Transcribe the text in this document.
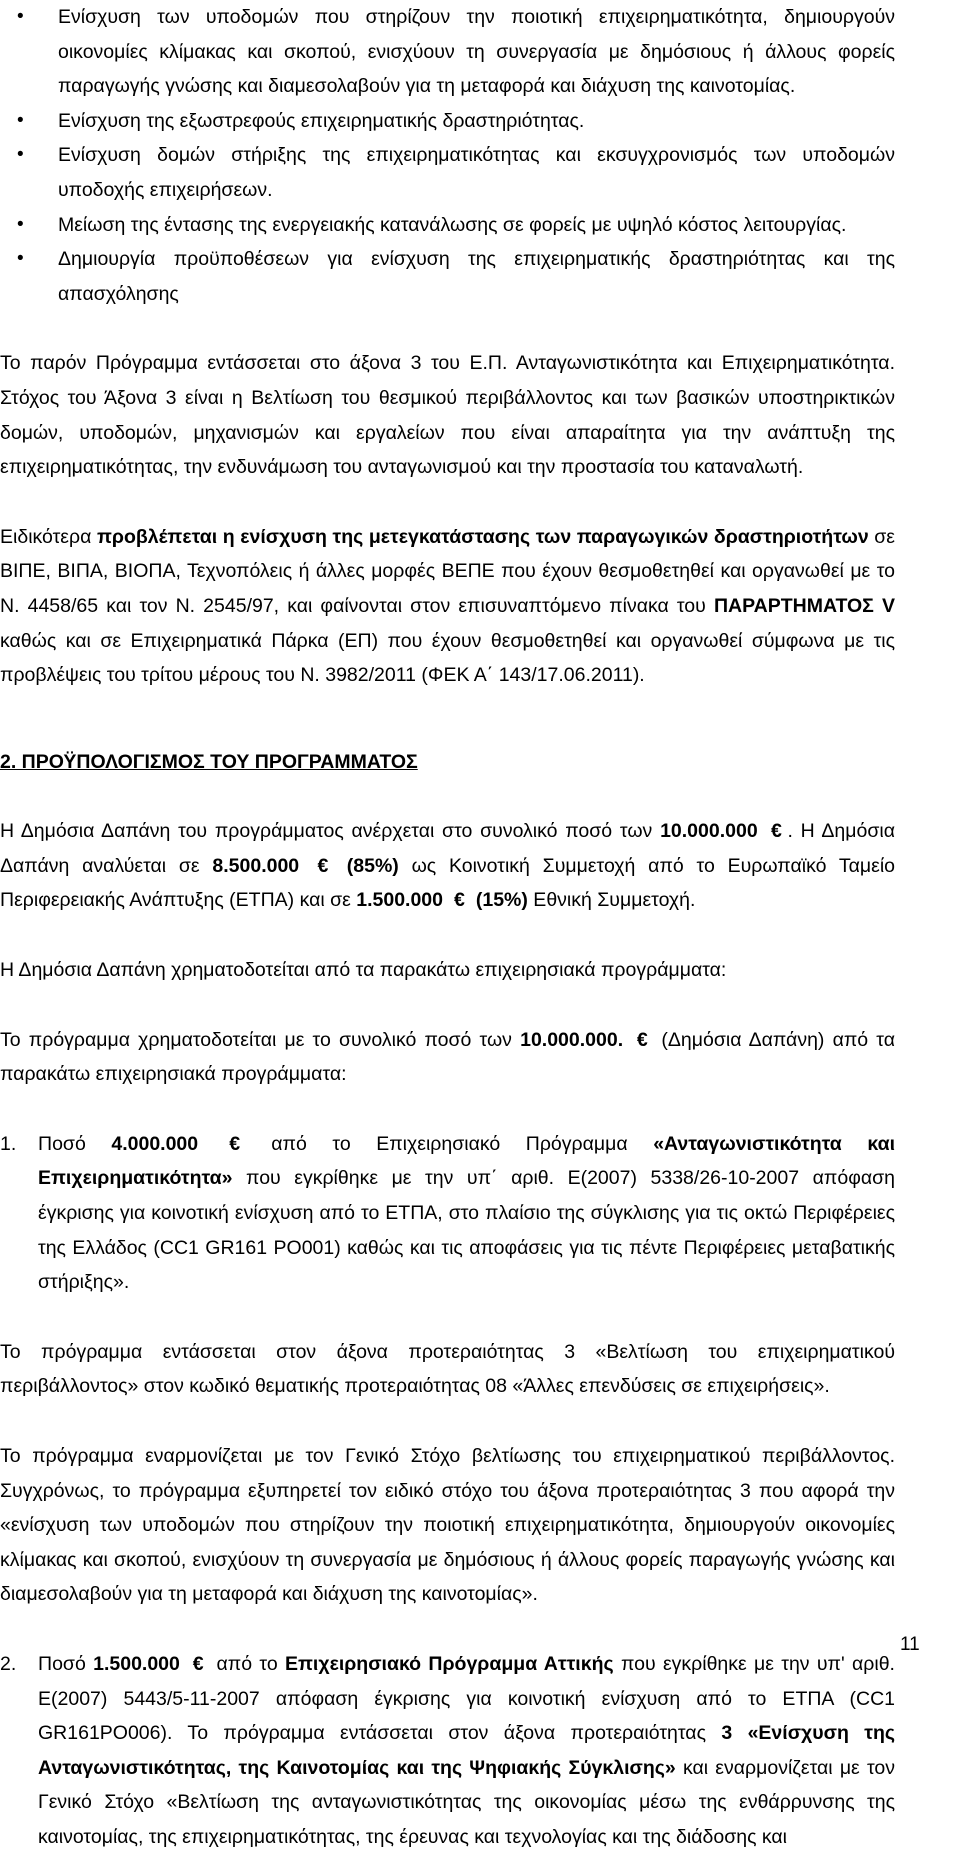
• Ενίσχυση των υποδομών που στηρίζουν την ποιοτική επιχειρηματικότητα, δημιουργούν οικονομίες κλίμακας και σκοπού, ενισχύουν τη συνεργασία με δημόσιους ή άλλους φορείς παραγωγής γνώσης και διαμεσολαβούν για τη μεταφορά και διάχυση της καινοτομίας.
• Ενίσχυση της εξωστρεφούς επιχειρηματικής δραστηριότητας.
• Ενίσχυση δομών στήριξης της επιχειρηματικότητας και εκσυγχρονισμός των υποδομών υποδοχής επιχειρήσεων.
• Μείωση της έντασης της ενεργειακής κατανάλωσης σε φορείς με υψηλό κόστος λειτουργίας.
• Δημιουργία προϋποθέσεων για ενίσχυση της επιχειρηματικής δραστηριότητας και της απασχόλησης

Το παρόν Πρόγραμμα εντάσσεται στο άξονα 3 του Ε.Π. Ανταγωνιστικότητα και Επιχειρηματικότητα. Στόχος του Άξονα 3 είναι η Βελτίωση του θεσμικού περιβάλλοντος και των βασικών υποστηρικτικών δομών, υποδομών, μηχανισμών και εργαλείων που είναι απαραίτητα για την ανάπτυξη της επιχειρηματικότητας, την ενδυνάμωση του ανταγωνισμού και την προστασία του καταναλωτή.

Ειδικότερα προβλέπεται η ενίσχυση της μετεγκατάστασης των παραγωγικών δραστηριοτήτων σε ΒΙΠΕ, ΒΙΠΑ, ΒΙΟΠΑ, Τεχνοπόλεις ή άλλες μορφές ΒΕΠΕ που έχουν θεσμοθετηθεί και οργανωθεί με το Ν. 4458/65 και τον Ν. 2545/97, και φαίνονται στον επισυναπτόμενο πίνακα του ΠΑΡΑΡΤΗΜΑΤΟΣ V καθώς και σε Επιχειρηματικά Πάρκα (ΕΠ) που έχουν θεσμοθετηθεί και οργανωθεί σύμφωνα με τις προβλέψεις του τρίτου μέρους του Ν. 3982/2011 (ΦΕΚ Α΄ 143/17.06.2011).

2. ΠΡΟΫΠΟΛΟΓΙΣΜΟΣ ΤΟΥ ΠΡΟΓΡΑΜΜΑΤΟΣ

Η Δημόσια Δαπάνη του προγράμματος ανέρχεται στο συνολικό ποσό των 10.000.000 € . Η Δημόσια Δαπάνη αναλύεται σε 8.500.000 € (85%) ως Κοινοτική Συμμετοχή από το Ευρωπαϊκό Ταμείο Περιφερειακής Ανάπτυξης (ΕΤΠΑ) και σε 1.500.000 € (15%) Εθνική Συμμετοχή.

Η Δημόσια Δαπάνη χρηματοδοτείται από τα παρακάτω επιχειρησιακά προγράμματα:

Το πρόγραμμα χρηματοδοτείται με το συνολικό ποσό των 10.000.000. € (Δημόσια Δαπάνη) από τα παρακάτω επιχειρησιακά προγράμματα:

1. Ποσό 4.000.000 € από το Επιχειρησιακό Πρόγραμμα «Ανταγωνιστικότητα και Επιχειρηματικότητα» που εγκρίθηκε με την υπ΄ αριθ. Ε(2007) 5338/26-10-2007 απόφαση έγκρισης για κοινοτική ενίσχυση από το ΕΤΠΑ, στο πλαίσιο της σύγκλισης για τις οκτώ Περιφέρειες της Ελλάδος (CC1 GR161 PO001) καθώς και τις αποφάσεις για τις πέντε Περιφέρειες μεταβατικής στήριξης».

Το πρόγραμμα εντάσσεται στον άξονα προτεραιότητας 3 «Βελτίωση του επιχειρηματικού περιβάλλοντος» στον κωδικό θεματικής προτεραιότητας 08 «Άλλες επενδύσεις σε επιχειρήσεις».

Το πρόγραμμα εναρμονίζεται με τον Γενικό Στόχο βελτίωσης του επιχειρηματικού περιβάλλοντος. Συγχρόνως, το πρόγραμμα εξυπηρετεί τον ειδικό στόχο του άξονα προτεραιότητας 3 που αφορά την «ενίσχυση των υποδομών που στηρίζουν την ποιοτική επιχειρηματικότητα, δημιουργούν οικονομίες κλίμακας και σκοπού, ενισχύουν τη συνεργασία με δημόσιους ή άλλους φορείς παραγωγής γνώσης και διαμεσολαβούν για τη μεταφορά και διάχυση της καινοτομίας».

2. Ποσό 1.500.000 € από το Επιχειρησιακό Πρόγραμμα Αττικής που εγκρίθηκε με την υπ' αριθ. Ε(2007) 5443/5-11-2007 απόφαση έγκρισης για κοινοτική ενίσχυση από το ΕΤΠΑ (CC1 GR161PO006). Το πρόγραμμα εντάσσεται στον άξονα προτεραιότητας 3 «Ενίσχυση της Ανταγωνιστικότητας, της Καινοτομίας και της Ψηφιακής Σύγκλισης» και εναρμονίζεται με τον Γενικό Στόχο «Βελτίωση της ανταγωνιστικότητας της οικονομίας μέσω της ενθάρρυνσης της καινοτομίας, της επιχειρηματικότητας, της έρευνας και τεχνολογίας και της διάδοσης και

11
